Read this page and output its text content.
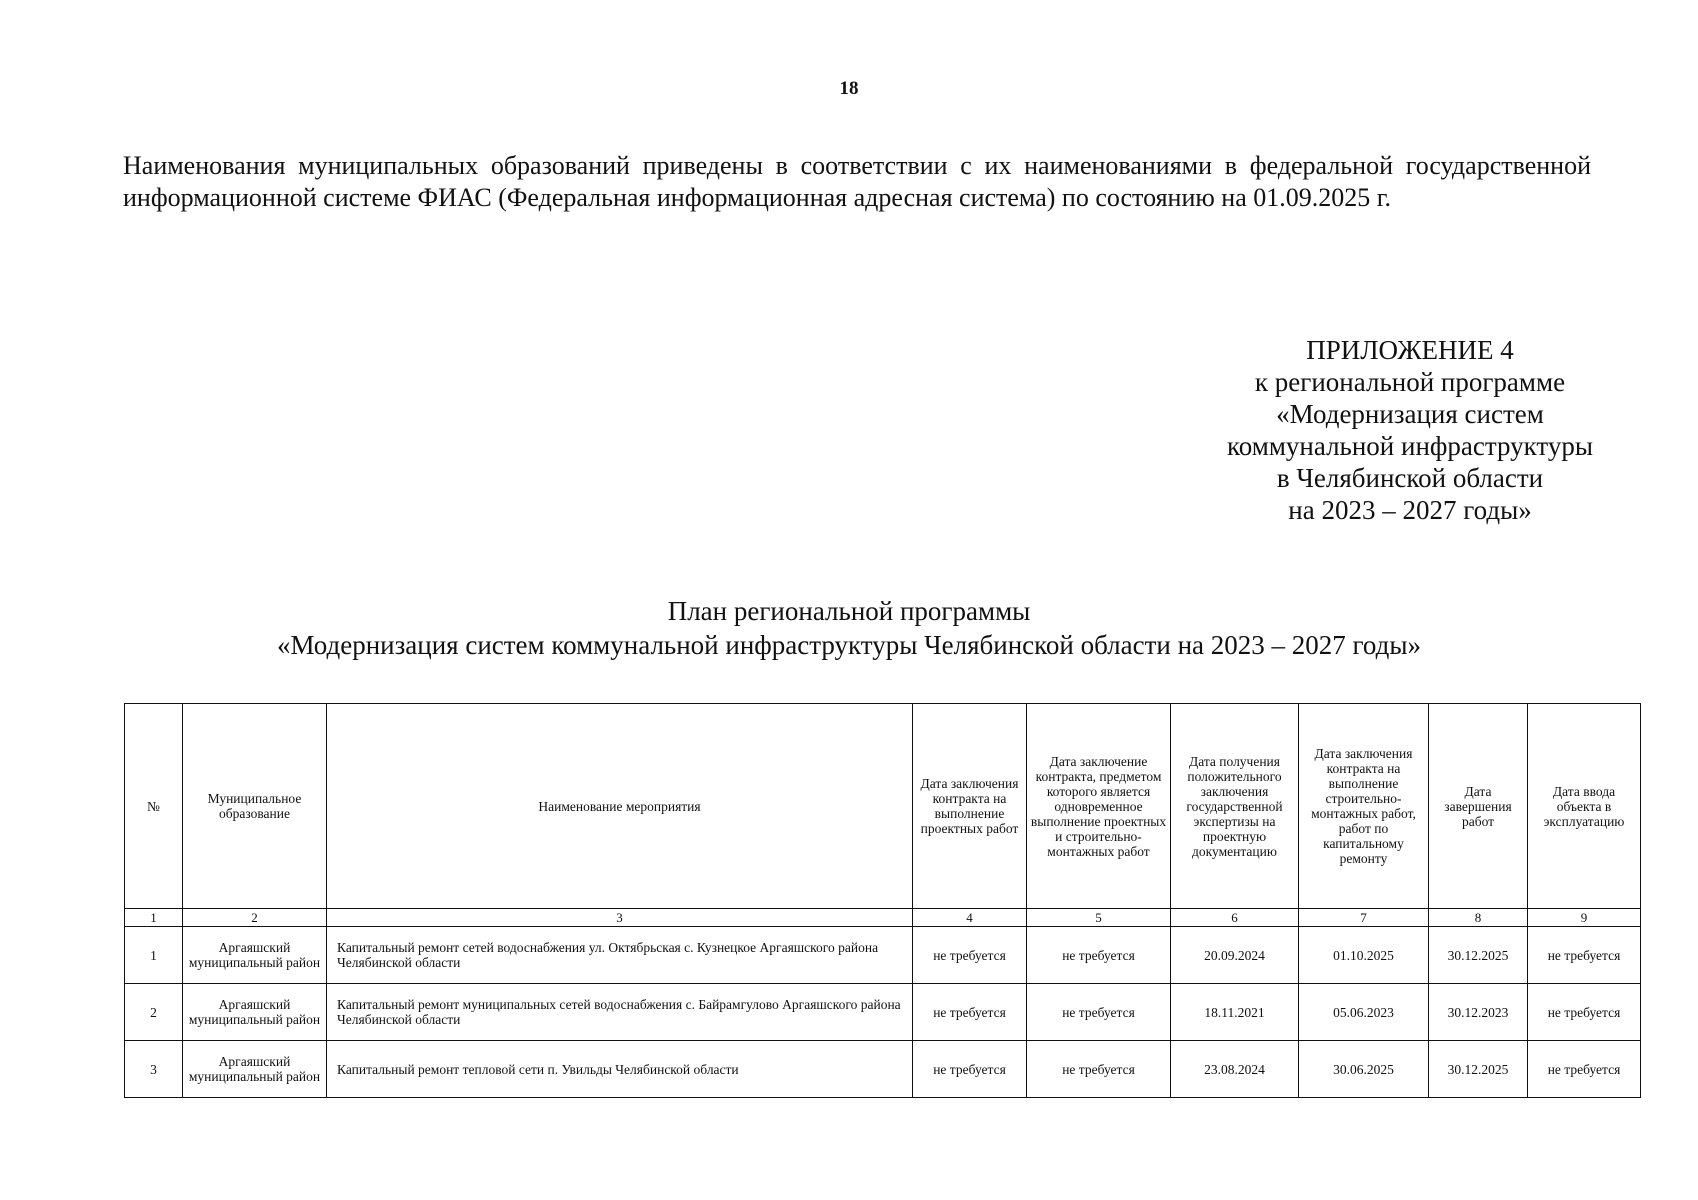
18

Наименования муниципальных образований приведены в соответствии с их наименованиями в федеральной государственной информационной системе ФИАС (Федеральная информационная адресная система) по состоянию на 01.09.2025 г.

ПРИЛОЖЕНИЕ 4
к региональной программе
«Модернизация систем
коммунальной инфраструктуры
в Челябинской области
на 2023 – 2027 годы»
План региональной программы
«Модернизация систем коммунальной инфраструктуры Челябинской области на 2023 – 2027 годы»
№	Муниципальное образование	Наименование мероприятия	Дата заключения контракта на выполнение проектных работ	Дата заключение контракта, предметом которого является одновременное выполнение проектных и строительно-монтажных работ	Дата получения положительного заключения государственной экспертизы на проектную документацию	Дата заключения контракта на выполнение строительно-монтажных работ, работ по капитальному ремонту	Дата завершения работ	Дата ввода объекта в эксплуатацию
1	2	3	4	5	6	7	8	9
1	Аргаяшский муниципальный район	Капитальный ремонт сетей водоснабжения ул. Октябрьская с. Кузнецкое Аргаяшского района Челябинской области	не требуется	не требуется	20.09.2024	01.10.2025	30.12.2025	не требуется
2	Аргаяшский муниципальный район	Капитальный ремонт муниципальных сетей водоснабжения с. Байрамгулово Аргаяшского района Челябинской области	не требуется	не требуется	18.11.2021	05.06.2023	30.12.2023	не требуется
3	Аргаяшский муниципальный район	Капитальный ремонт тепловой сети п. Увильды Челябинской области	не требуется	не требуется	23.08.2024	30.06.2025	30.12.2025	не требуется
